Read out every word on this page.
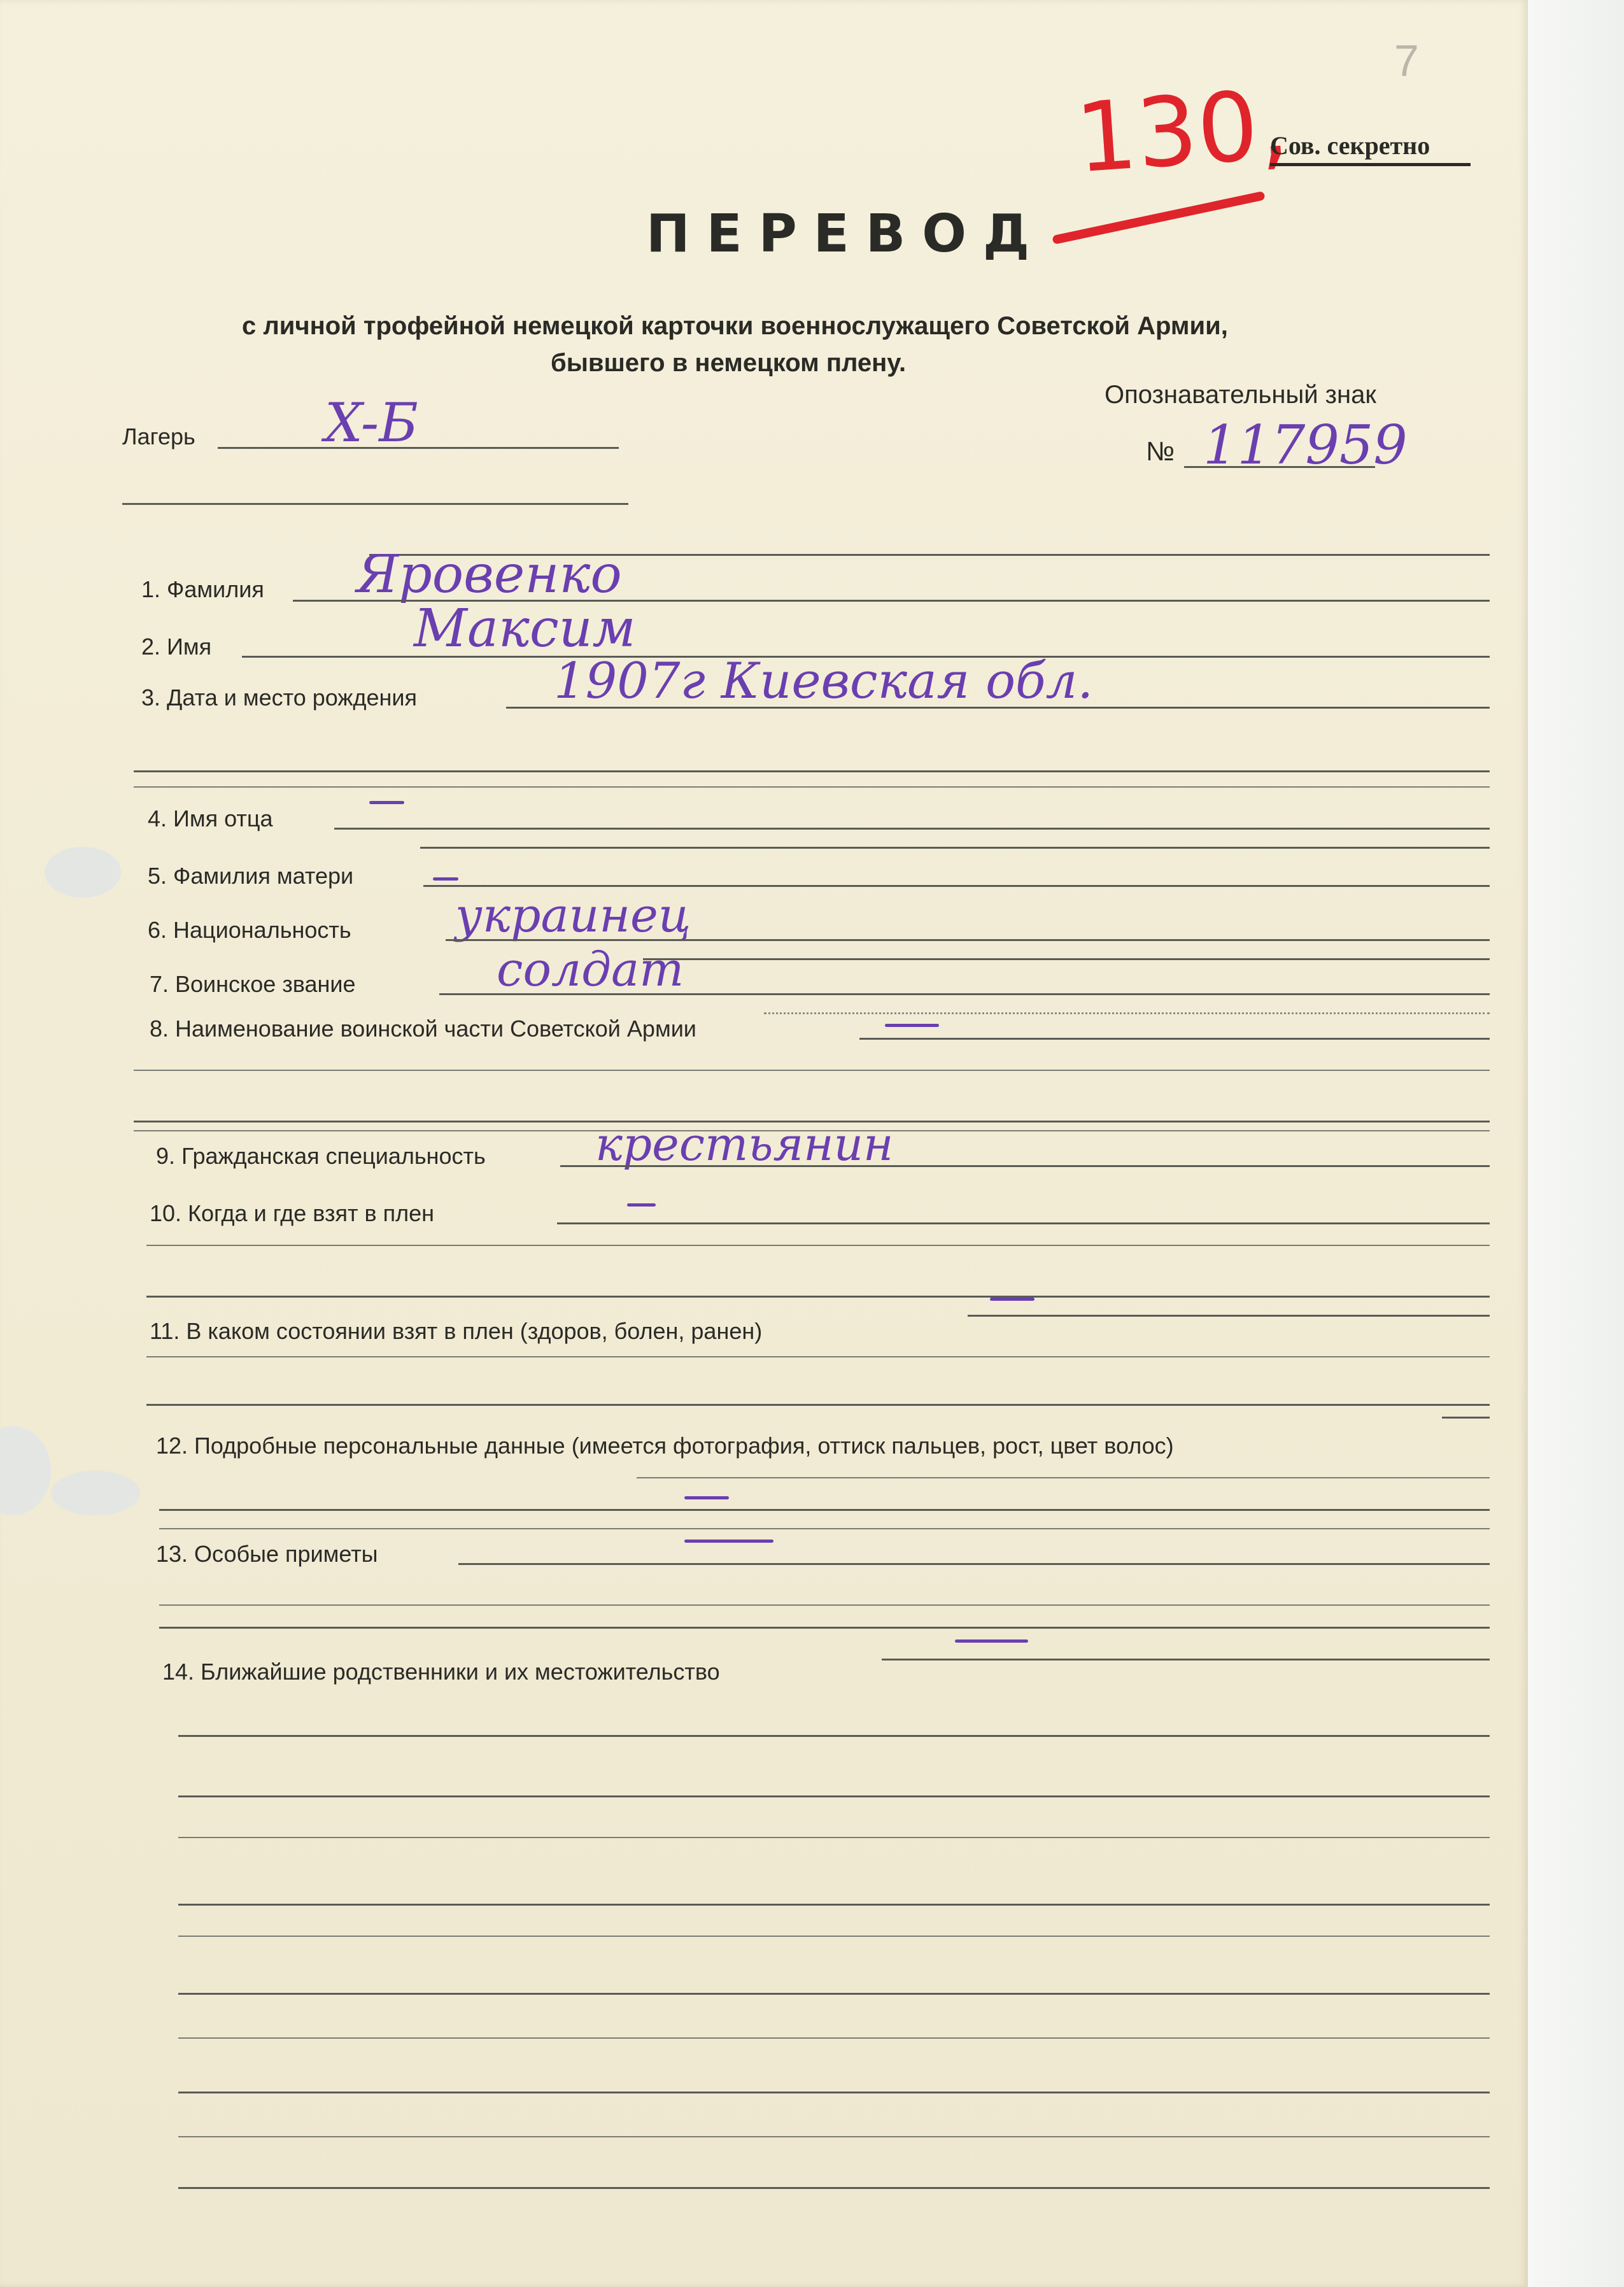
7
130,
Сов. секретно
ПЕРЕВОД
с личной трофейной немецкой карточки военнослужащего Советской Армии,
бывшего в немецком плену.
Лагерь X-Б	Опознавательный знак
№ 117959
1. Фамилия Яровенко
2. Имя	Максим
3. Дата и место рождения	1907г Киевская обл.
4. Имя отца
5. Фамилия матери
6. Национальность украинец
7. Воинское звание	солдат
8. Наименование воинской части Советской Армии
9. Гражданская специальность крестьянин
10. Когда и где взят в плен
11. В каком состоянии взят в плен (здоров, болен, ранен)
12. Подробные персональные данные (имеется фотография, оттиск пальцев, рост, цвет волос)
13. Особые приметы
14. Ближайшие родственники и их местожительство
